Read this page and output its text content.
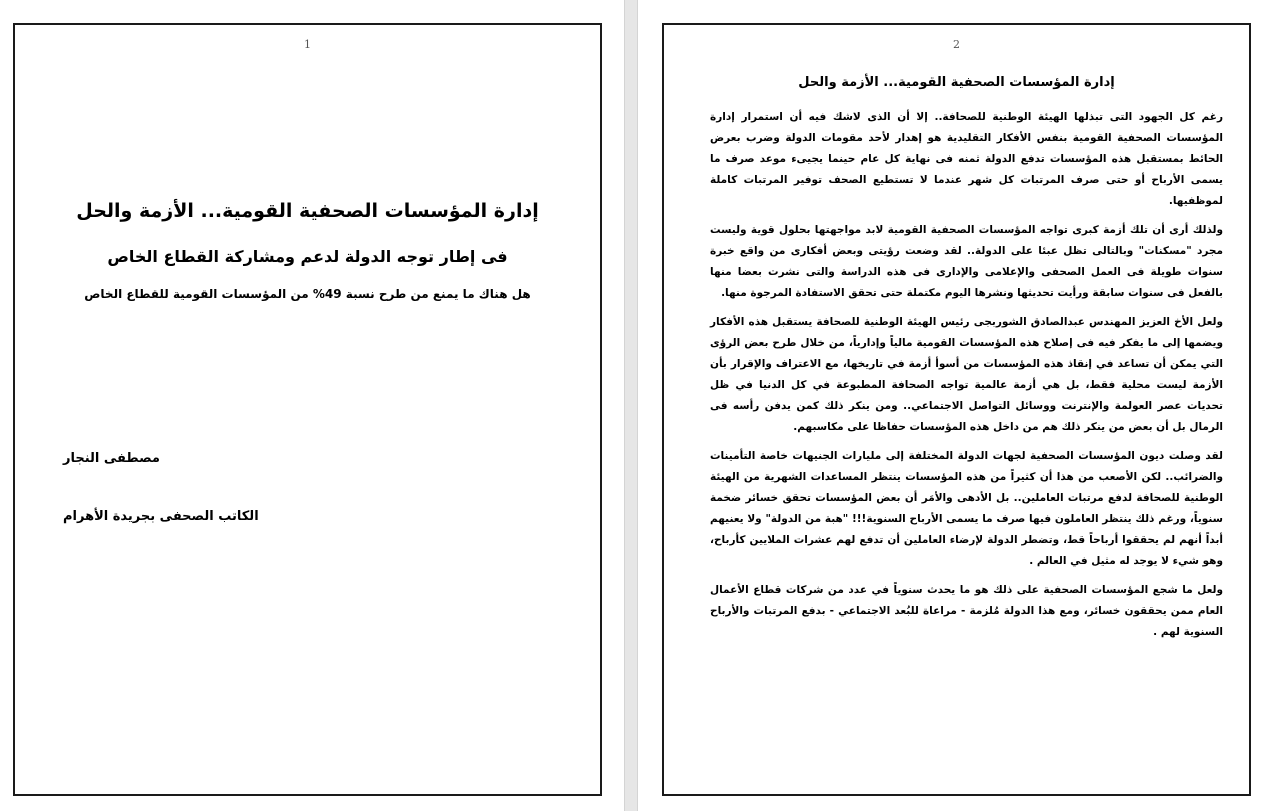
1
إدارة المؤسسات الصحفية القومية... الأزمة والحل
فى إطار توجه الدولة لدعم ومشاركة القطاع الخاص
هل هناك ما يمنع من طرح نسبة 49% من المؤسسات القومية للقطاع الخاص
مصطفى النجار
الكاتب الصحفى بجريدة الأهرام
2
إدارة المؤسسات الصحفية القومية... الأزمة والحل

رغم كل الجهود التى تبذلها الهيئة الوطنية للصحافة.. إلا أن الذى لاشك فيه أن استمرار إدارة المؤسسات الصحفية القومية بنفس الأفكار التقليدية هو إهدار لأحد مقومات الدولة وضرب بعرض الحائط بمستقبل هذه المؤسسات تدفع الدولة ثمنه فى نهاية كل عام حينما يجيىء موعد صرف ما يسمى الأرباح أو حتى صرف المرتبات كل شهر عندما لا تستطيع الصحف توفير المرتبات كاملة لموظفيها.

ولذلك أرى أن تلك أزمة كبرى تواجه المؤسسات الصحفية القومية لابد مواجهتها بحلول قوية وليست مجرد "مسكنات" وبالتالى تظل عبئا على الدولة.. لقد وضعت رؤيتى وبعض أفكارى من واقع خبرة سنوات طويلة فى العمل الصحفى والإعلامى والإدارى فى هذه الدراسة والتى نشرت بعضا منها بالفعل فى سنوات سابقة ورأيت تحديثها ونشرها اليوم مكتملة حتى تحقق الاستفادة المرجوة منها.

ولعل الأخ العزيز المهندس عبدالصادق الشوربجى رئيس الهيئة الوطنية للصحافة يستقبل هذه الأفكار ويضمها إلى ما يفكر فيه فى إصلاح هذه المؤسسات القومية مالياً وإدارياً، من خلال طرح بعض الرؤى التي يمكن أن تساعد في إنقاذ هذه المؤسسات من أسوأ أزمة في تاريخها، مع الاعتراف والإقرار بأن الأزمة ليست محلية فقط، بل هي أزمة عالمية تواجه الصحافة المطبوعة في كل الدنيا في ظل تحديات عصر العولمة والإنترنت ووسائل التواصل الاجتماعي.. ومن ينكر ذلك كمن يدفن رأسه فى الرمال بل أن بعض من ينكر ذلك هم من داخل هذه المؤسسات حفاظا على مكاسبهم.

لقد وصلت ديون المؤسسات الصحفية لجهات الدولة المختلفة إلى مليارات الجنيهات خاصة التأمينات والضرائب.. لكن الأصعب من هذا أن كثيراً من هذه المؤسسات ينتظر المساعدات الشهرية من الهيئة الوطنية للصحافة لدفع مرتبات العاملين.. بل الأدهى والأمَر أن بعض المؤسسات تحقق خسائر ضخمة سنوياً، ورغم ذلك ينتظر العاملون فيها صرف ما يسمى الأرباح السنوية!!! "هبة من الدولة" ولا يعنيهم أبداً أنهم لم يحققوا أرباحاً قط، وتضطر الدولة لإرضاء العاملين أن تدفع لهم عشرات الملايين كأرباح، وهو شيء لا يوجد له مثيل في العالم .

ولعل ما شجع المؤسسات الصحفية على ذلك هو ما يحدث سنوياً في عدد من شركات قطاع الأعمال العام ممن يحققون خسائر، ومع هذا الدولة مُلزمة - مراعاة للبُعد الاجتماعي - بدفع المرتبات والأرباح السنوية لهم .
